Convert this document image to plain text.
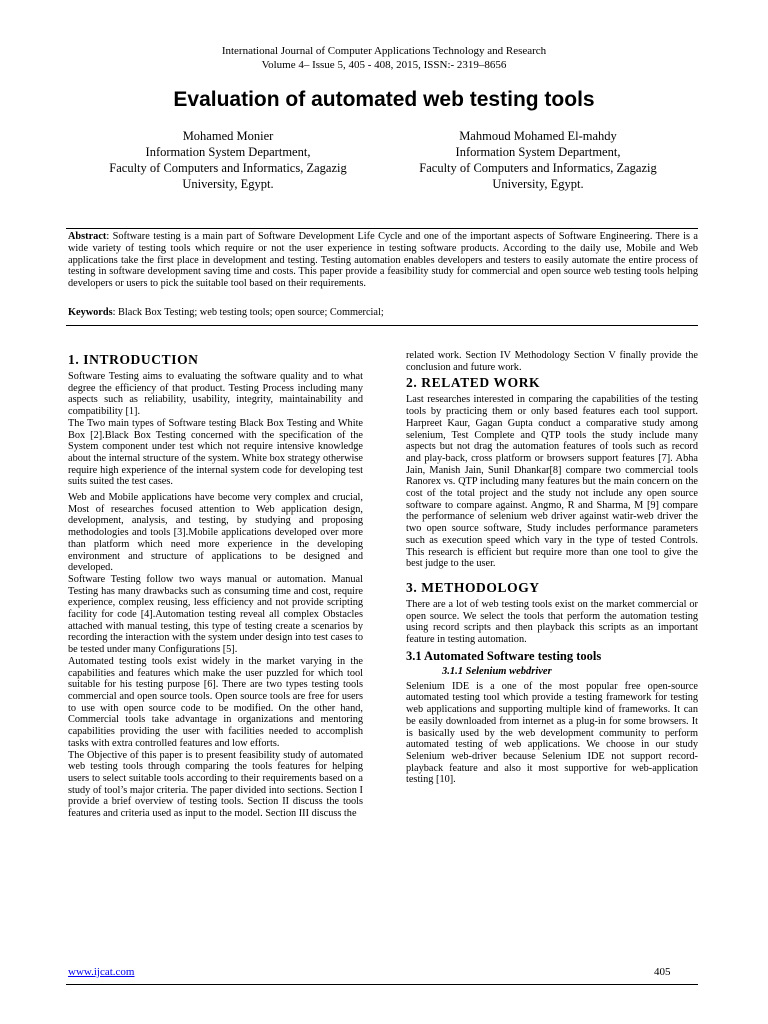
International Journal of Computer Applications Technology and Research
Volume 4– Issue 5, 405 - 408, 2015, ISSN:- 2319–8656
Evaluation of automated web testing tools
Mohamed Monier
Information System Department,
Faculty of Computers and Informatics, Zagazig
University, Egypt.
Mahmoud Mohamed El-mahdy
Information System Department,
Faculty of Computers and Informatics, Zagazig
University, Egypt.
Abstract: Software testing is a main part of Software Development Life Cycle and one of the important aspects of Software Engineering. There is a wide variety of testing tools which require or not the user experience in testing software products. According to the daily use, Mobile and Web applications take the first place in development and testing. Testing automation enables developers and testers to easily automate the entire process of testing in software development saving time and costs. This paper provide a feasibility study for commercial and open source web testing tools helping developers or users to pick the suitable tool based on their requirements.
Keywords: Black Box Testing; web testing tools; open source; Commercial;
1. INTRODUCTION

Software Testing aims to evaluating the software quality and to what degree the efficiency of that product. Testing Process including many aspects such as reliability, usability, integrity, maintainability and compatibility [1].

The Two main types of Software testing Black Box Testing and White Box [2].Black Box Testing concerned with the specification of the System component under test which not require intensive knowledge about the internal structure of the system. White box strategy otherwise require high experience of the internal system code for developing test suits suited the test cases.

Web and Mobile applications have become very complex and crucial, Most of researches focused attention to Web application design, development, analysis, and testing, by studying and proposing methodologies and tools [3].Mobile applications developed over more than platform which need more experience in the developing environment and structure of applications to be designed and developed.

Software Testing follow two ways manual or automation. Manual Testing has many drawbacks such as consuming time and cost, require experience, complex reusing, less efficiency and not provide scripting facility for code [4].Automation testing reveal all complex Obstacles attached with manual testing, this type of testing create a scenarios by recording the interaction with the system under design into test cases to be tested under many Configurations [5].

Automated testing tools exist widely in the market varying in the capabilities and features which make the user puzzled for which tool suitable for his testing purpose [6]. There are two types testing tools commercial and open source tools. Open source tools are free for users to use with open source code to be modified. On the other hand, Commercial tools take advantage in organizations and mentoring capabilities providing the user with facilities needed to accomplish tasks with extra controlled features and low efforts.

The Objective of this paper is to present feasibility study of automated web testing tools through comparing the tools features for helping users to select suitable tools according to their requirements based on a study of tool’s major criteria. The paper divided into sections. Section I provide a brief overview of testing tools. Section II discuss the tools features and criteria used as input to the model. Section III discuss the

related work. Section IV Methodology Section V finally provide the conclusion and future work.

2. RELATED WORK

Last researches interested in comparing the capabilities of the testing tools by practicing them or only based features each tool support. Harpreet Kaur, Gagan Gupta conduct a comparative study among selenium, Test Complete and QTP tools the study include many aspects but not drag the automation features of tools such as record and play-back, cross platform or browsers support features [7]. Abha Jain, Manish Jain, Sunil Dhankar[8] compare two commercial tools Ranorex vs. QTP including many features but the main concern on the cost of the total project and the study not include any open source software to compare against. Angmo, R and Sharma, M [9] compare the performance of selenium web driver against watir-web driver the two open source software, Study includes performance parameters such as execution speed which vary in the type of tested Controls. This research is efficient but require more than one tool to give the best judge to the user.

3. METHODOLOGY

There are a lot of web testing tools exist on the market commercial or open source. We select the tools that perform the automation testing using record scripts and then playback this scripts as an important feature in testing automation.

3.1 Automated Software testing tools
3.1.1 Selenium webdriver

Selenium IDE is a one of the most popular free open-source automated testing tool which provide a testing framework for testing web applications and supporting multiple kind of frameworks. It can be easily downloaded from internet as a plug-in for some browsers. It is basically used by the web development community to perform automated testing of web applications. We choose in our study Selenium web-driver because Selenium IDE not support record-playback feature and also it most supportive for web-application testing [10].

www.ijcat.com	405
